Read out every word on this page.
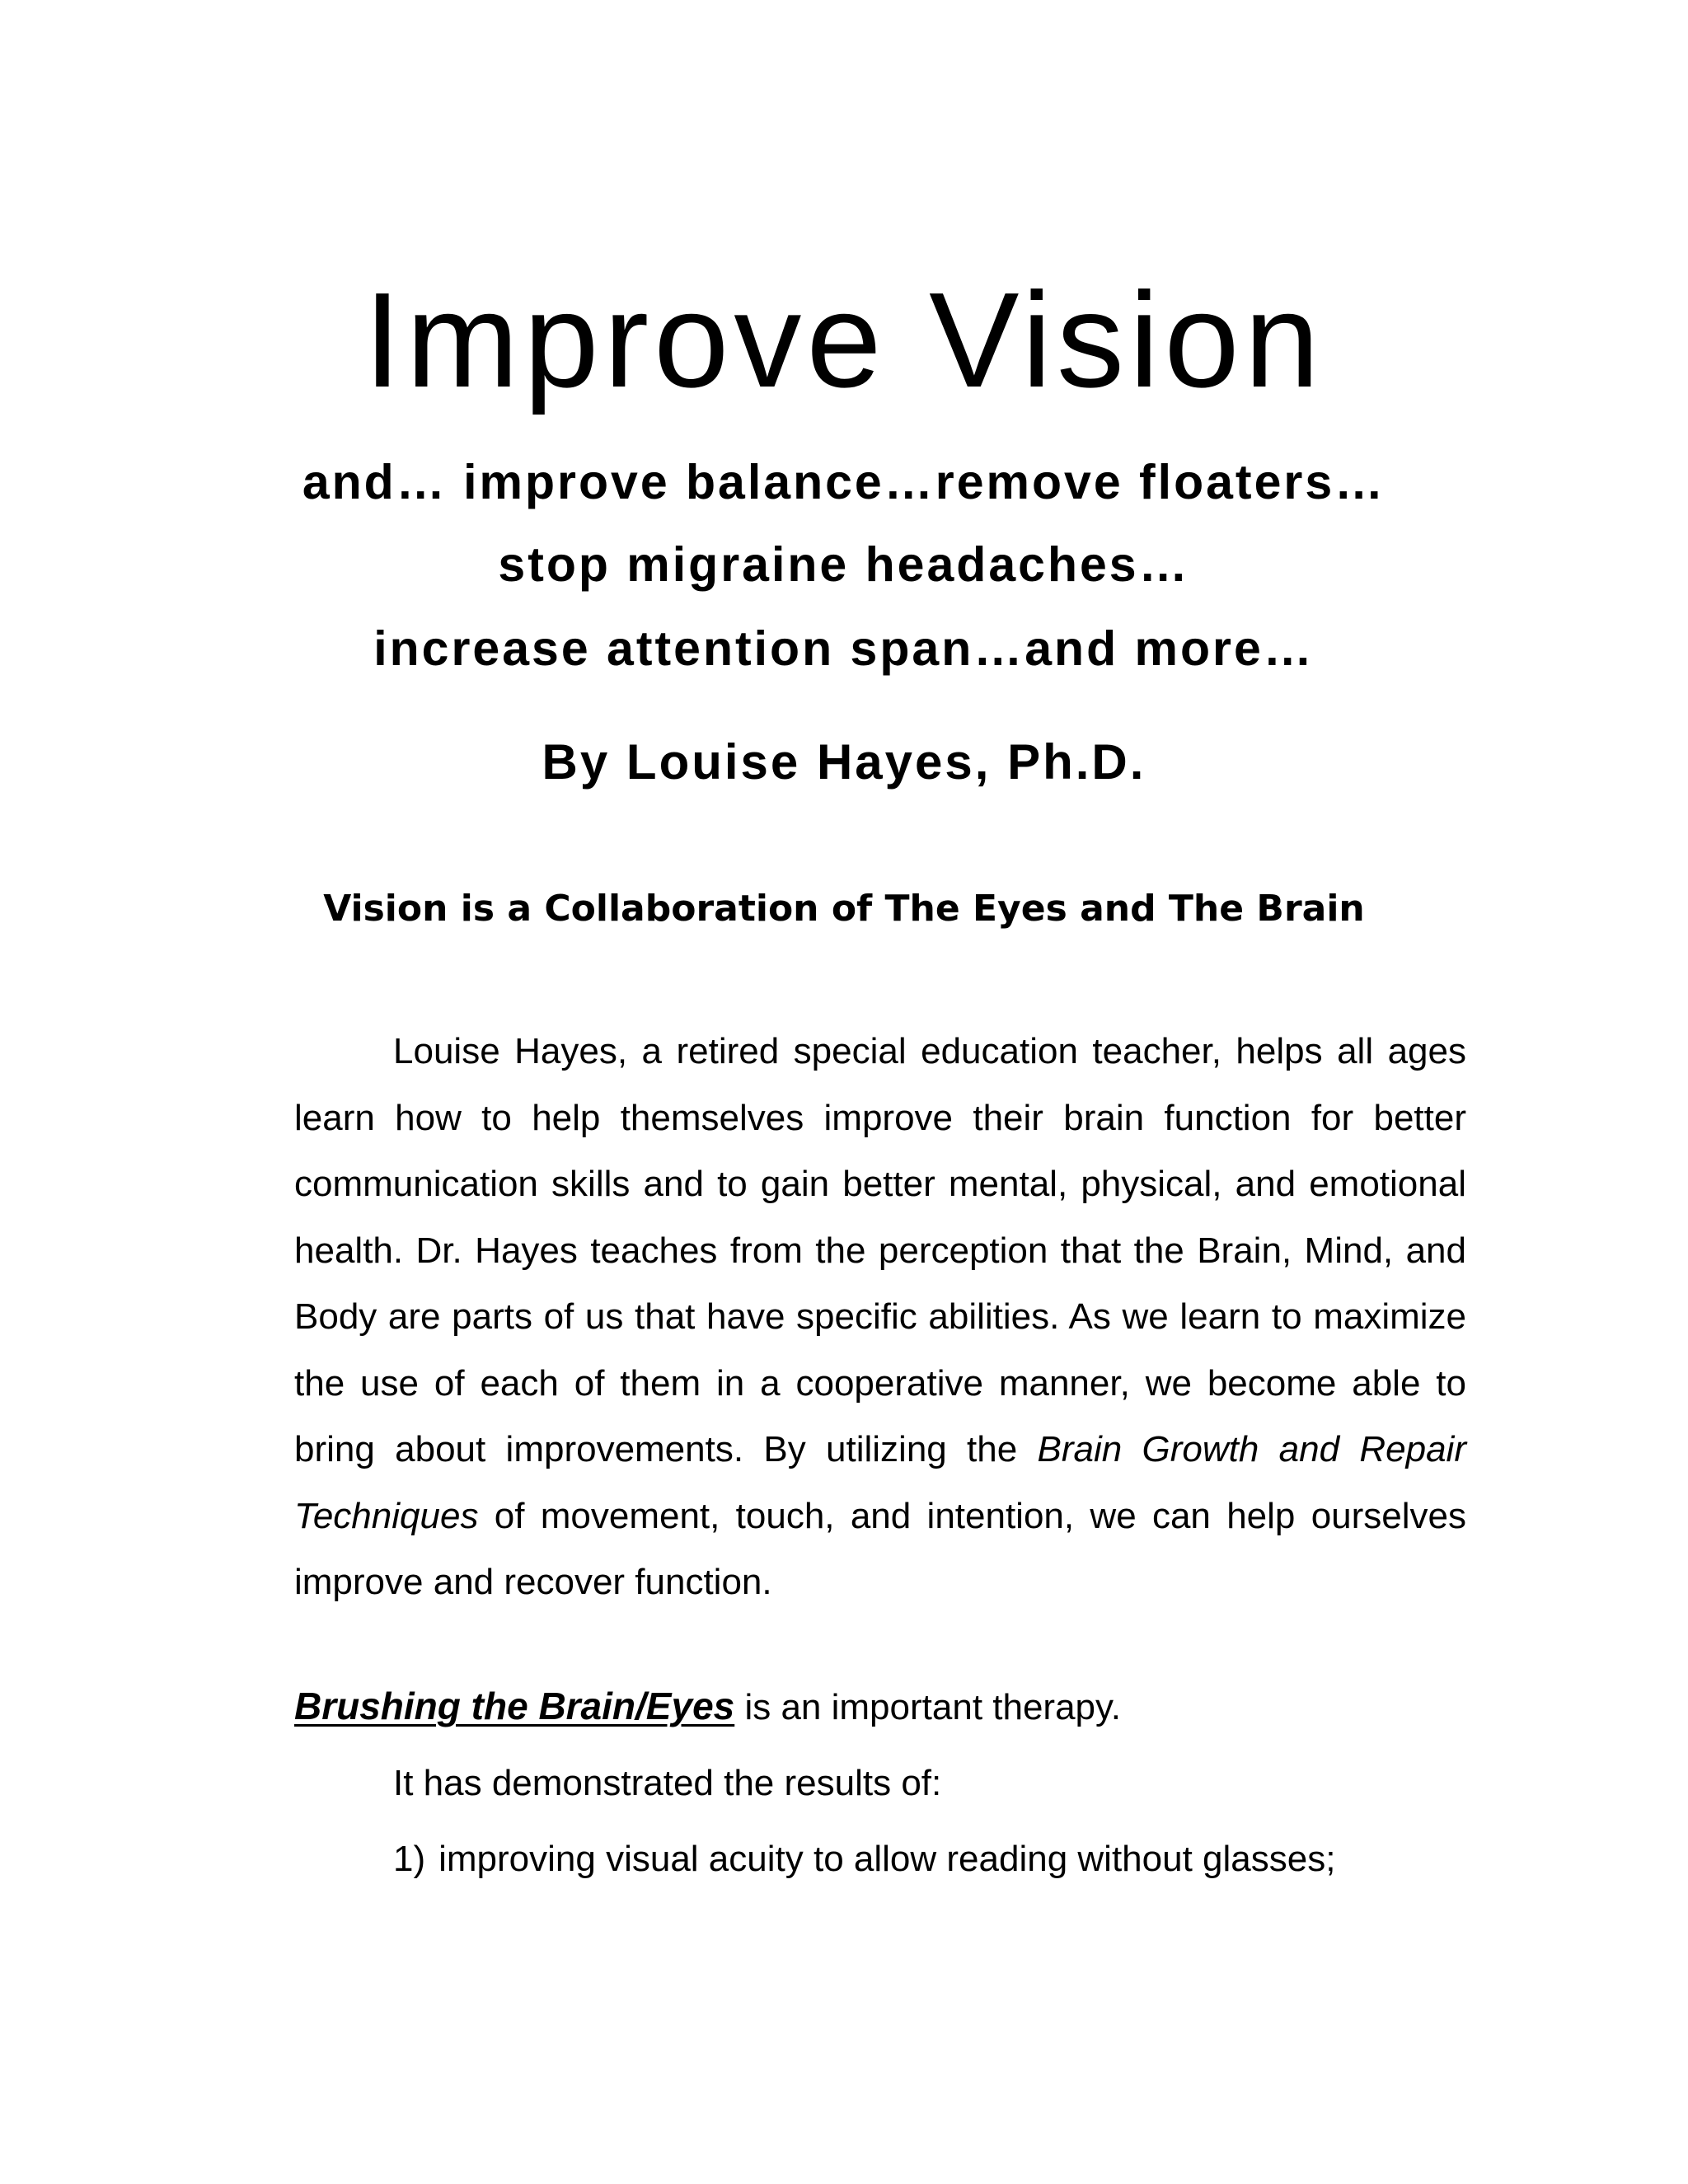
Improve Vision

and… improve balance…remove floaters…

stop migraine headaches…

increase attention span…and more…

By Louise Hayes, Ph.D.

Vision is a Collaboration of The Eyes and The Brain

Louise Hayes, a retired special education teacher, helps all ages learn how to help themselves improve their brain function for better communication skills and to gain better mental, physical, and emotional health. Dr. Hayes teaches from the perception that the Brain, Mind, and Body are parts of us that have specific abilities. As we learn to maximize the use of each of them in a cooperative manner, we become able to bring about improvements. By utilizing the Brain Growth and Repair Techniques of movement, touch, and intention, we can help ourselves improve and recover function.

Brushing the Brain/Eyes is an important therapy.

It has demonstrated the results of:

1) improving visual acuity to allow reading without glasses;
